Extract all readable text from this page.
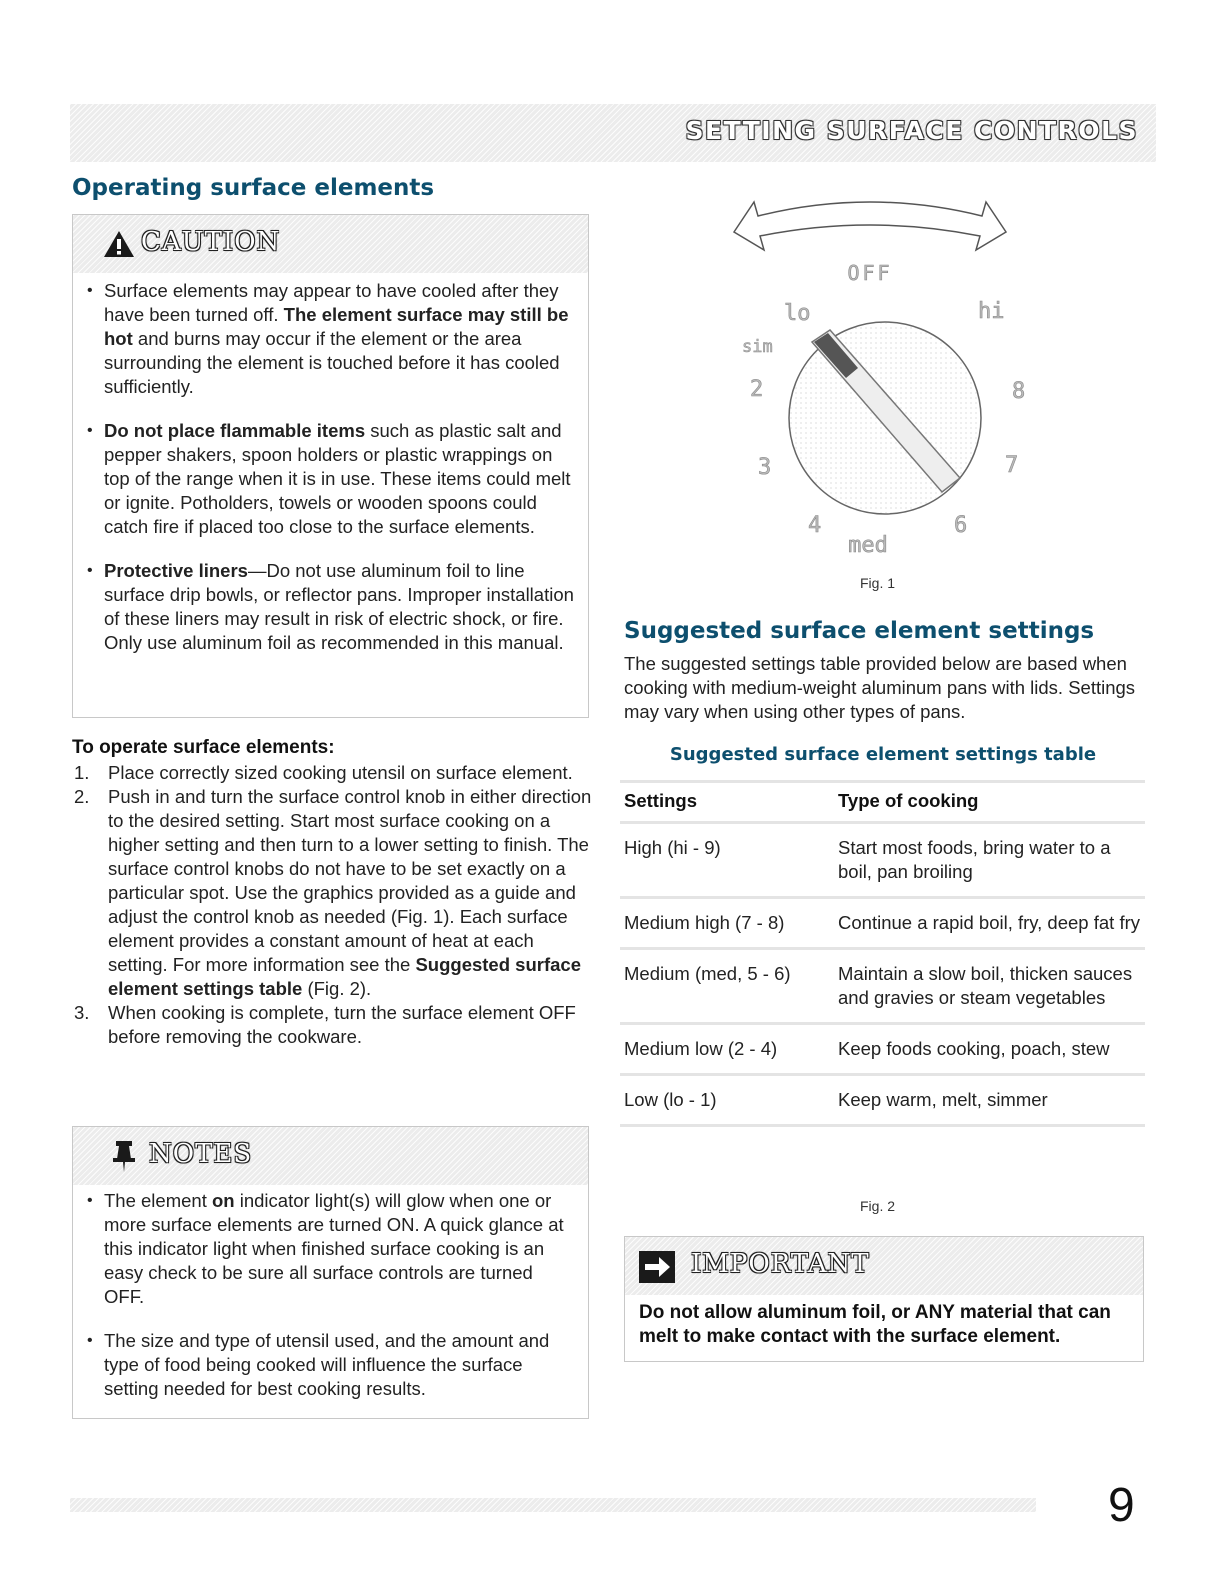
SETTING SURFACE CONTROLS
Operating surface elements
CAUTION
• Surface elements may appear to have cooled after they have been turned off. The element surface may still be hot and burns may occur if the element or the area surrounding the element is touched before it has cooled sufficiently.
• Do not place flammable items such as plastic salt and pepper shakers, spoon holders or plastic wrappings on top of the range when it is in use. These items could melt or ignite. Potholders, towels or wooden spoons could catch fire if placed too close to the surface elements.
• Protective liners—Do not use aluminum foil to line surface drip bowls, or reflector pans. Improper installation of these liners may result in risk of electric shock, or fire. Only use aluminum foil as recommended in this manual.
To operate surface elements:
1. Place correctly sized cooking utensil on surface element.
2. Push in and turn the surface control knob in either direction to the desired setting. Start most surface cooking on a higher setting and then turn to a lower setting to finish. The surface control knobs do not have to be set exactly on a particular spot. Use the graphics provided as a guide and adjust the control knob as needed (Fig. 1). Each surface element provides a constant amount of heat at each setting. For more information see the Suggested surface element settings table (Fig. 2).
3. When cooking is complete, turn the surface element OFF before removing the cookware.
NOTES
• The element on indicator light(s) will glow when one or more surface elements are turned ON. A quick glance at this indicator light when finished surface cooking is an easy check to be sure all surface controls are turned OFF.
• The size and type of utensil used, and the amount and type of food being cooked will influence the surface setting needed for best cooking results.
OFF
lo	hi
sim
2	8
3	7
4	6
med
Fig. 1
Suggested surface element settings
The suggested settings table provided below are based when cooking with medium-weight aluminum pans with lids. Settings may vary when using other types of pans.
Suggested surface element settings table
Settings	Type of cooking
High (hi - 9)	Start most foods, bring water to a boil, pan broiling
Medium high (7 - 8)	Continue a rapid boil, fry, deep fat fry
Medium (med, 5 - 6)	Maintain a slow boil, thicken sauces and gravies or steam vegetables
Medium low (2 - 4)	Keep foods cooking, poach, stew
Low (lo - 1)	Keep warm, melt, simmer
Fig. 2
IMPORTANT
Do not allow aluminum foil, or ANY material that can melt to make contact with the surface element.
9
